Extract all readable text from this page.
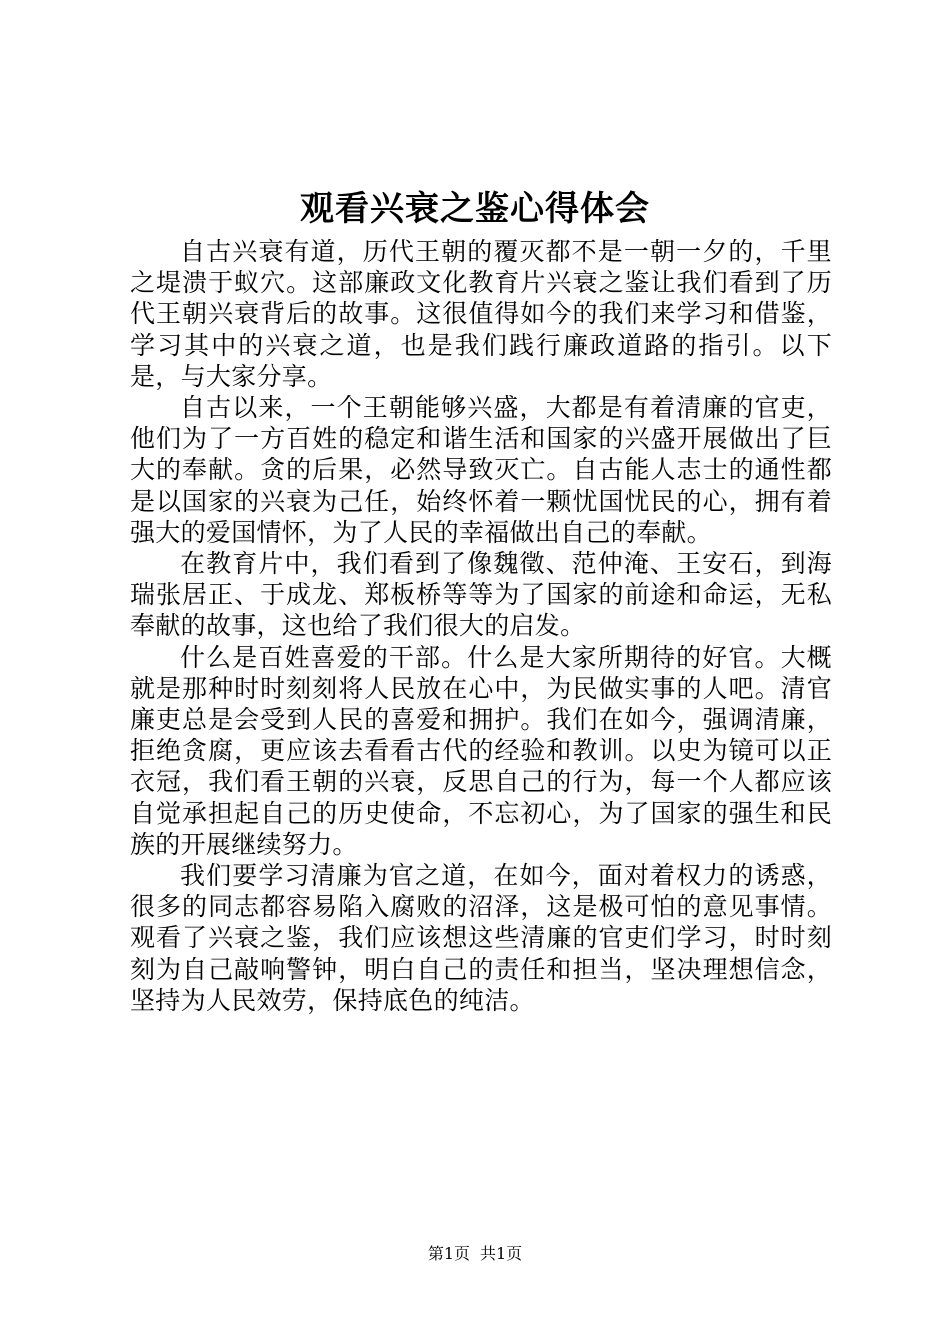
观看兴衰之鉴心得体会

自古兴衰有道，历代王朝的覆灭都不是一朝一夕的，千里之堤溃于蚁穴。这部廉政文化教育片兴衰之鉴让我们看到了历代王朝兴衰背后的故事。这很值得如今的我们来学习和借鉴，学习其中的兴衰之道，也是我们践行廉政道路的指引。以下是，与大家分享。

自古以来，一个王朝能够兴盛，大都是有着清廉的官吏，他们为了一方百姓的稳定和谐生活和国家的兴盛开展做出了巨大的奉献。贪的后果，必然导致灭亡。自古能人志士的通性都是以国家的兴衰为己任，始终怀着一颗忧国忧民的心，拥有着强大的爱国情怀，为了人民的幸福做出自己的奉献。

在教育片中，我们看到了像魏徵、范仲淹、王安石，到海瑞张居正、于成龙、郑板桥等等为了国家的前途和命运，无私奉献的故事，这也给了我们很大的启发。

什么是百姓喜爱的干部。什么是大家所期待的好官。大概就是那种时时刻刻将人民放在心中，为民做实事的人吧。清官廉吏总是会受到人民的喜爱和拥护。我们在如今，强调清廉，拒绝贪腐，更应该去看看古代的经验和教训。以史为镜可以正衣冠，我们看王朝的兴衰，反思自己的行为，每一个人都应该自觉承担起自己的历史使命，不忘初心，为了国家的强生和民族的开展继续努力。

我们要学习清廉为官之道，在如今，面对着权力的诱惑，很多的同志都容易陷入腐败的沼泽，这是极可怕的意见事情。观看了兴衰之鉴，我们应该想这些清廉的官吏们学习，时时刻刻为自己敲响警钟，明白自己的责任和担当，坚决理想信念，坚持为人民效劳，保持底色的纯洁。

第1页 共1页
